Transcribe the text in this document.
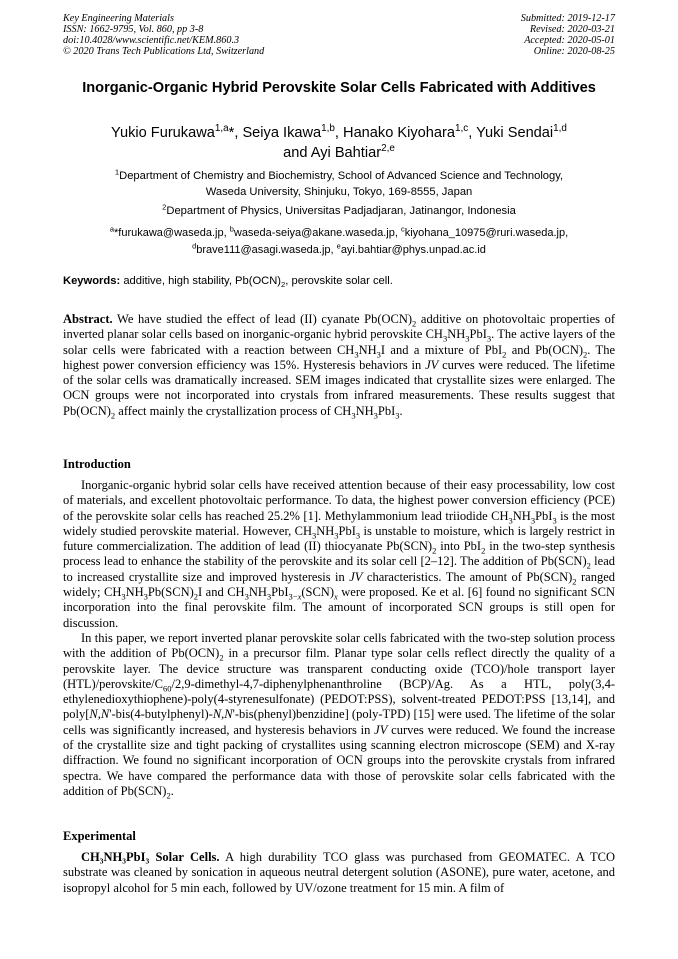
Key Engineering Materials
ISSN: 1662-9795, Vol. 860, pp 3-8
doi:10.4028/www.scientific.net/KEM.860.3
© 2020 Trans Tech Publications Ltd, Switzerland
Submitted: 2019-12-17
Revised: 2020-03-21
Accepted: 2020-05-01
Online: 2020-08-25
Inorganic-Organic Hybrid Perovskite Solar Cells Fabricated with Additives
Yukio Furukawa$^{1,a}$*, Seiya Ikawa$^{1,b}$, Hanako Kiyohara$^{1,c}$, Yuki Sendai$^{1,d}$
and Ayi Bahtiar$^{2,e}$
$^1$Department of Chemistry and Biochemistry, School of Advanced Science and Technology,
Waseda University, Shinjuku, Tokyo, 169-8555, Japan
$^2$Department of Physics, Universitas Padjadjaran, Jatinangor, Indonesia
$^a$*furukawa@waseda.jp, $^b$waseda-seiya@akane.waseda.jp, $^c$kiyohana_10975@ruri.waseda.jp,
$^d$brave111@asagi.waseda.jp, $^e$ayi.bahtiar@phys.unpad.ac.id
Keywords: additive, high stability, $Pb(OCN)_2$, perovskite solar cell.
Abstract. We have studied the effect of lead (II) cyanate $Pb(OCN)_2$ additive on photovoltaic properties of inverted planar solar cells based on inorganic-organic hybrid perovskite $CH_3NH_3PbI_3$. The active layers of the solar cells were fabricated with a reaction between $CH_3NH_3I$ and a mixture of PbI$_2$ and $Pb(OCN)_2$. The highest power conversion efficiency was 15%. Hysteresis behaviors in JV curves were reduced. The lifetime of the solar cells was dramatically increased. SEM images indicated that crystallite sizes were enlarged. The OCN groups were not incorporated into crystals from infrared measurements. These results suggest that $Pb(OCN)_2$ affect mainly the crystallization process of $CH_3NH_3PbI_3$.
Introduction

Inorganic-organic hybrid solar cells have received attention because of their easy processability, low cost of materials, and excellent photovoltaic performance. To data, the highest power conversion efficiency (PCE) of the perovskite solar cells has reached 25.2% [1]. Methylammonium lead triiodide $CH_3NH_3PbI_3$ is the most widely studied perovskite material. However, $CH_3NH_3PbI_3$ is unstable to moisture, which is largely restrict in future commercialization. The addition of lead (II) thiocyanate $Pb(SCN)_2$ into PbI$_2$ in the two-step synthesis process lead to enhance the stability of the perovskite and its solar cell [2–12]. The addition of $Pb(SCN)_2$ lead to increased crystallite size and improved hysteresis in JV characteristics. The amount of $Pb(SCN)_2$ ranged widely; $CH_3NH_3Pb(SCN)_2I$ and $CH_3NH_3PbI_{3-x}(SCN)_x$ were proposed. Ke et al. [6] found no significant SCN incorporation into the final perovskite film. The amount of incorporated SCN groups is still open for discussion.

In this paper, we report inverted planar perovskite solar cells fabricated with the two-step solution process with the addition of $Pb(OCN)_2$ in a precursor film. Planar type solar cells reflect directly the quality of a perovskite layer. The device structure was transparent conducting oxide (TCO)/hole transport layer $(HTL)/perovskite/C_{60}/2,9-dimethyl-4,7$-diphenylphenanthroline (BCP)/Ag. As a HTL, poly(3,4-ethylenedioxythiophene)-poly(4-styrenesulfonate) (PEDOT:PSS), solvent-treated PEDOT:PSS [13,14], and poly[N,N'-bis(4-butylphenyl)-N,N'-bis(phenyl)benzidine] (poly-TPD) [15] were used. The lifetime of the solar cells was significantly increased, and hysteresis behaviors in JV curves were reduced. We found the increase of the crystallite size and tight packing of crystallites using scanning electron microscope (SEM) and X-ray diffraction. We found no significant incorporation of OCN groups into the perovskite crystals from infrared spectra. We have compared the performance data with those of perovskite solar cells fabricated with the addition of $Pb(SCN)_2$.

Experimental

CH₃NH₃PbI₃ Solar Cells. A high durability TCO glass was purchased from GEOMATEC. A TCO substrate was cleaned by sonication in aqueous neutral detergent solution (ASONE), pure water, acetone, and isopropyl alcohol for 5 min each, followed by UV/ozone treatment for 15 min. A film of
